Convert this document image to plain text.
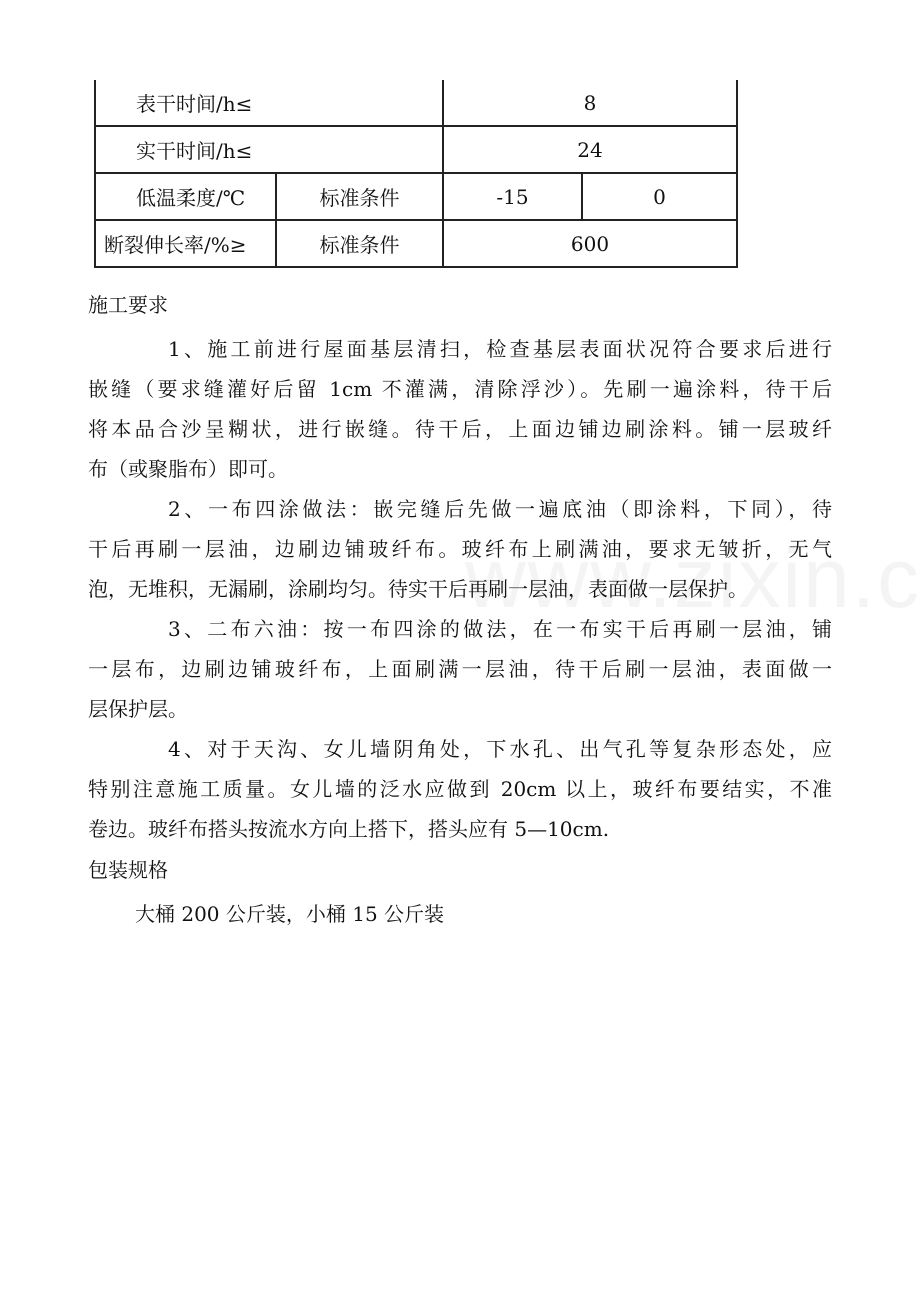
表干时间/h≤		8	
实干时间/h≤		24	
低温柔度/℃	标准条件	-15	0
断裂伸长率/%≥	标准条件	600	
施工要求
1、施工前进行屋面基层清扫，检查基层表面状况符合要求后进行
嵌缝（要求缝灌好后留 1cm 不灌满，清除浮沙）。先刷一遍涂料，待干后
将本品合沙呈糊状，进行嵌缝。待干后，上面边铺边刷涂料。铺一层玻纤
布（或聚脂布）即可。
2、一布四涂做法：嵌完缝后先做一遍底油（即涂料，下同），待
干后再刷一层油，边刷边铺玻纤布。玻纤布上刷满油，要求无皱折，无气
泡，无堆积，无漏刷，涂刷均匀。待实干后再刷一层油，表面做一层保护。
3、二布六油：按一布四涂的做法，在一布实干后再刷一层油，铺
一层布，边刷边铺玻纤布，上面刷满一层油，待干后刷一层油，表面做一
层保护层。
4、对于天沟、女儿墙阴角处，下水孔、出气孔等复杂形态处，应
特别注意施工质量。女儿墙的泛水应做到 20cm 以上，玻纤布要结实，不准
卷边。玻纤布搭头按流水方向上搭下，搭头应有 5—10cm.
包装规格
大桶 200 公斤装，小桶 15 公斤装
